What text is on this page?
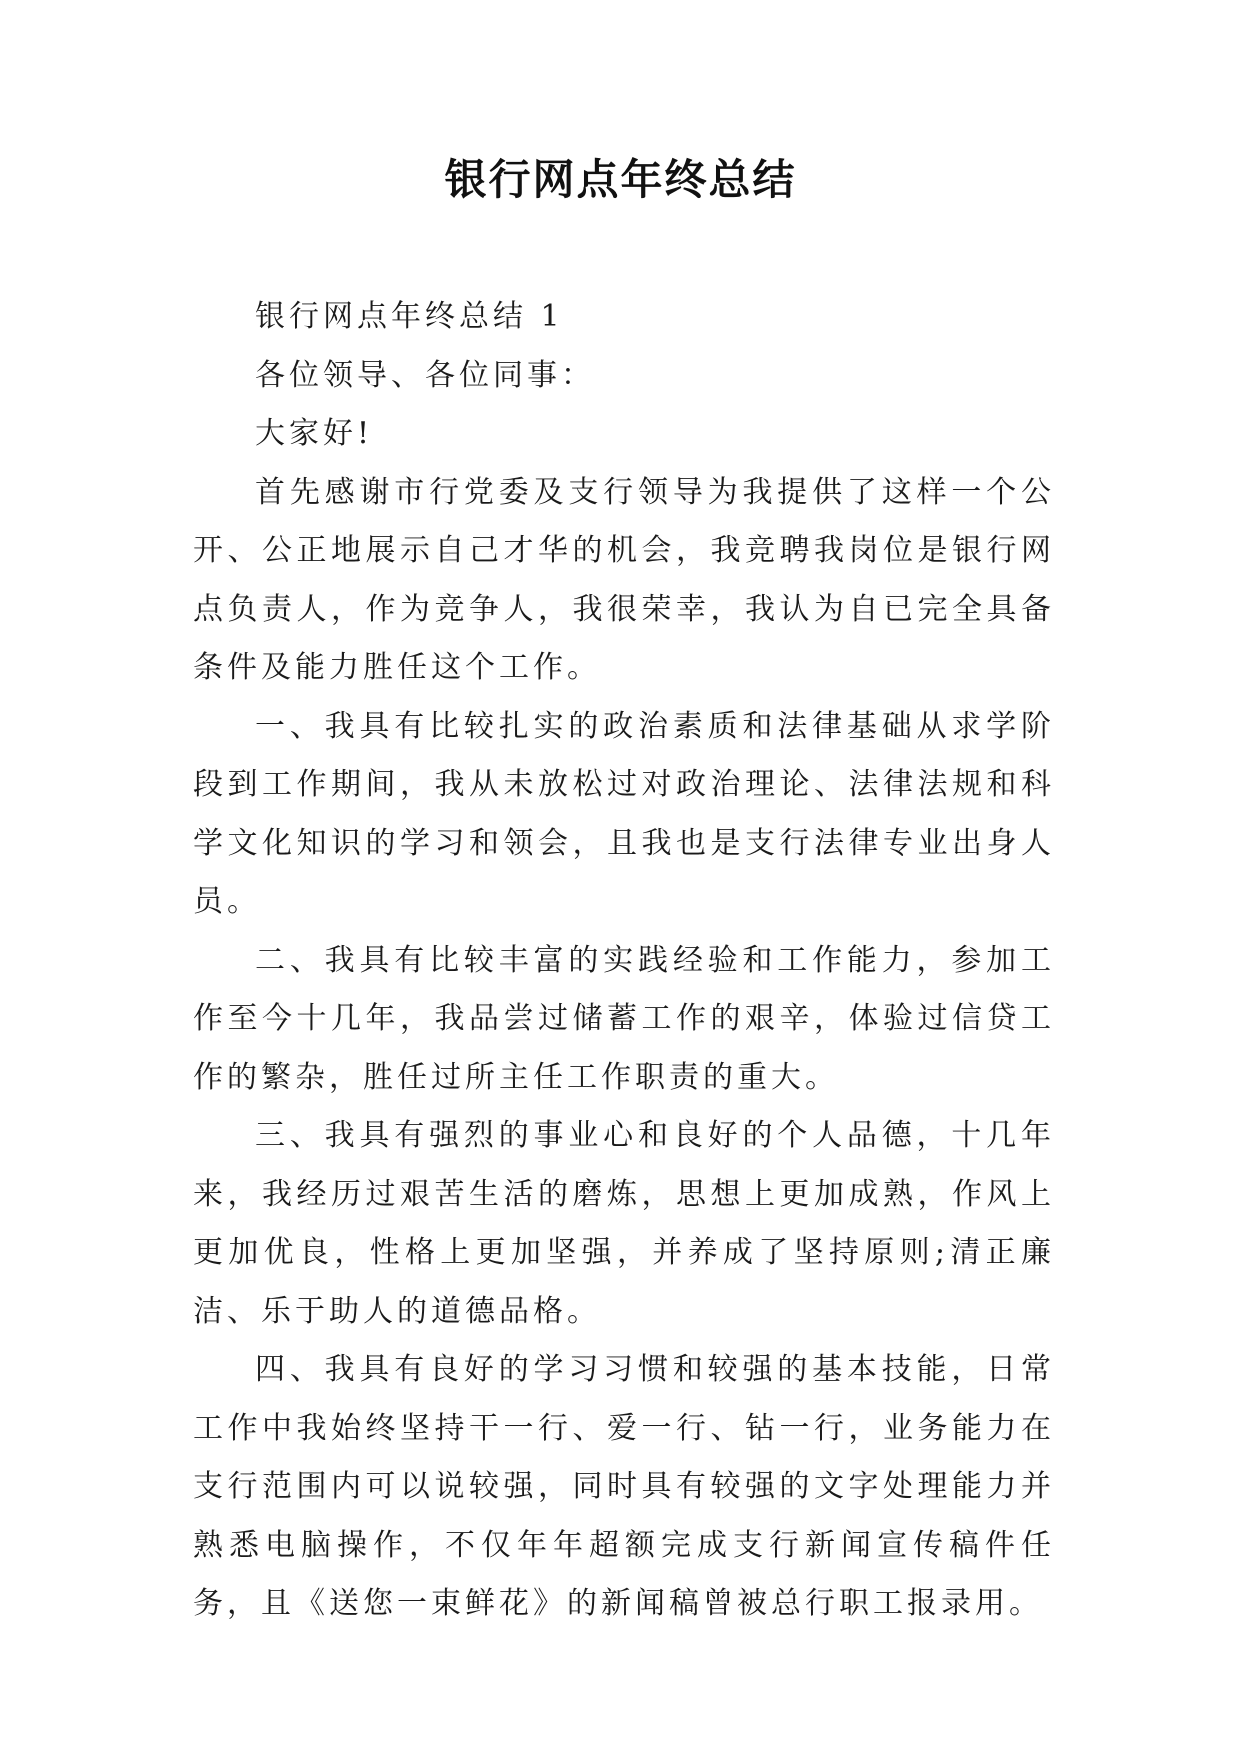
银行网点年终总结

银行网点年终总结 1

各位领导、各位同事：

大家好!

首先感谢市行党委及支行领导为我提供了这样一个公开、公正地展示自己才华的机会，我竞聘我岗位是银行网点负责人，作为竞争人，我很荣幸，我认为自已完全具备条件及能力胜任这个工作。

一、我具有比较扎实的政治素质和法律基础从求学阶段到工作期间，我从未放松过对政治理论、法律法规和科学文化知识的学习和领会，且我也是支行法律专业出身人员。

二、我具有比较丰富的实践经验和工作能力，参加工作至今十几年，我品尝过储蓄工作的艰辛，体验过信贷工作的繁杂，胜任过所主任工作职责的重大。

三、我具有强烈的事业心和良好的个人品德，十几年来，我经历过艰苦生活的磨炼，思想上更加成熟，作风上更加优良，性格上更加坚强，并养成了坚持原则;清正廉洁、乐于助人的道德品格。

四、我具有良好的学习习惯和较强的基本技能，日常工作中我始终坚持干一行、爱一行、钻一行，业务能力在支行范围内可以说较强，同时具有较强的文字处理能力并熟悉电脑操作，不仅年年超额完成支行新闻宣传稿件任务，且《送您一束鲜花》的新闻稿曾被总行职工报录用。
